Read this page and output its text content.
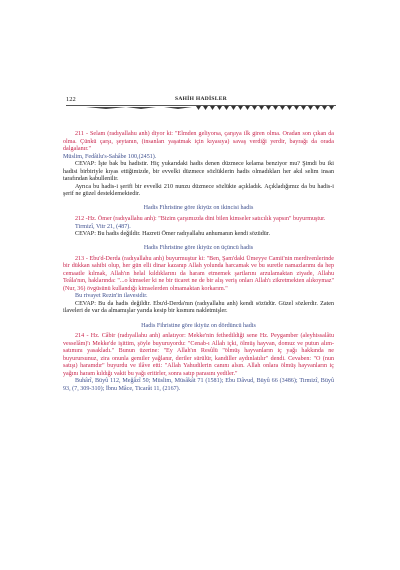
122	SAHİH HADİSLER

211 - Selam (radıyallahu anh) diyor ki: "Elmden geliyorsa, çarşıya ilk giren olma. Oradan son çıkan da olma. Çünkü çarşı, şeytanın, (insanları yaşatmak için kıyasıya) savaş verdiği yerdir, bayrağı da orada dalgalanır."

Müslim, Fedâilu's-Sahâbe 100,(2451).

CEVAP: İşte bak bu hadistir. Hiç yukarıdaki hadis denen düzmece kelama benziyor mu? Şimdi bu iki hadisi birbiriyle kıyas ettiğimizde, bir evvelki düzmece sözlüklerin hadis olmadıkları her akıl selim insan tarafından kabullenilir.

Ayrıca bu hadis-i şerifi bir evvelki 210 nunzu düzmece sözlükte açıkladık. Açıkladığımız da bu hadis-i şerif ne güzel desteklemektedir.

Hadis Fihristine göre ikiyüz on ikincisi hadis

212 -Hz. Ömer (radıyallahu anh): "Bizim çarşımızda dini bilen kimseler satıcılık yapsın" buyurmuştur.

Tirmizî, Vitr 21, (487).

CEVAP: Bu hadis değildir. Hazreti Ömer radıyallahu anhumanın kendi sözüdür.

Hadis Fihristine göre ikiyüz on üçüncü hadis

213 - Ebu'd-Derda (radıyallahu anh) buyurmuştur ki: "Ben, Şam'daki Ümeyye Camii'nin merdivenlerinde bir dükkan sahibi olup, her gün elli dinar kazanıp Allah yolunda harcamak ve bu suretle namazlarımı da hep cemaatle kılmak, Allah'ın helal kıldıklarını da haram etmemek şartlarını arzulamaktan ziyade, Allahu Teâla'nın, haklarında: "...o kimseler ki ne bir ticaret ne de bir alış veriş onları Allah'ı zikretmekten alıkoymaz" (Nur, 36) övgüsünü kullandığı kimselerden olmamaktan korkarım."

Bu rivayet Rezin'in ilavesidir.

CEVAP: Bu da hadis değildir. Ebu'd-Derda'nın (radıyallahu anh) kendi sözüdür. Güzel sözlerdir. Zaten ilaveleri de var da almamışlar yarıda kesip bir kısmını nakletmişler.

Hadis Fihristine göre ikiyüz on dördüncü hadis

214 - Hz. Câbir (radıyallahu anh) anlatıyor: Mekke'nin fethedildiği sene Hz. Peygamber (aleyhissalâtu vesselâm)'ı Mekke'de işittim, şöyle buyuruyordu: "Cenab-ı Allah içki, ölmüş hayvan, domuz ve putun alım-satımını yasakladı." Bunun üzerine: "Ey Allah'ın Resûlü "ölmüş hayvanların iç yağı hakkında ne buyurursunuz, zira onunla gemiler yağlanır, deriler sürülür, kandiller aydınlatılır" dendi. Cevaben: "O (nun satışı) haramdır" buyurdu ve ilâve etti: "Allah Yahudilerin canını alsın. Allah onlara ölmüş hayvanların iç yağını haram kıldığı vakit bu yağı eritirler, sonra satıp parasını yediler."

Buhârî, Büyû 112, Meğâzî 50; Müslim, Müsâkât 71 (1581); Ebu Dâvud, Büyû 66 (3486); Tirmizî, Büyû 93, (7, 309-310); İbnu Mâce, Ticarât 11, (2167).
